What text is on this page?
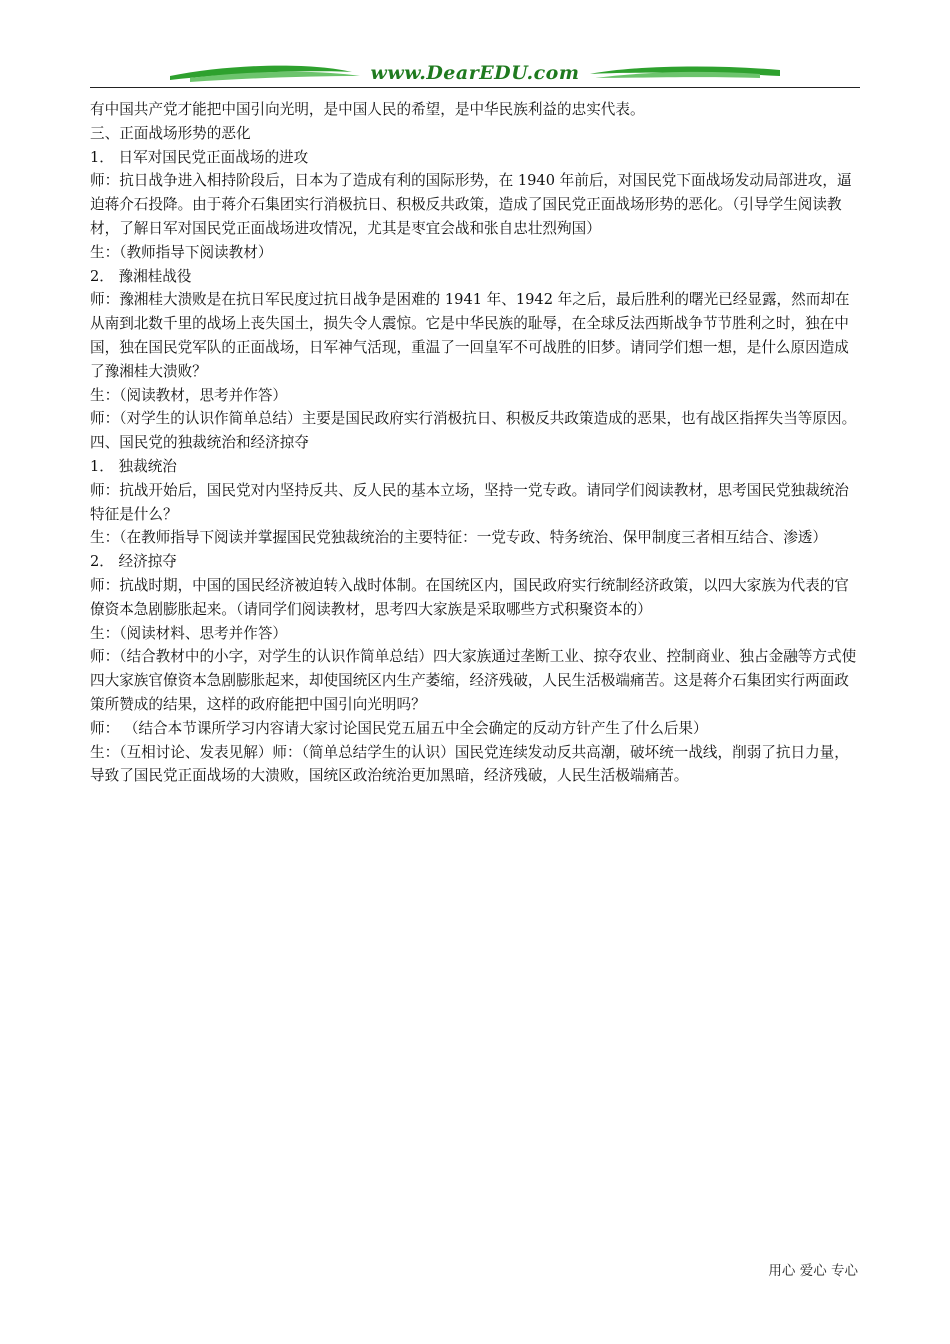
www.DearEDU.com

有中国共产党才能把中国引向光明，是中国人民的希望，是中华民族利益的忠实代表。

三、正面战场形势的恶化

1． 日军对国民党正面战场的进攻

师：抗日战争进入相持阶段后，日本为了造成有利的国际形势，在 1940 年前后，对国民党下面战场发动局部进攻，逼迫蒋介石投降。由于蒋介石集团实行消极抗日、积极反共政策，造成了国民党正面战场形势的恶化。（引导学生阅读教材，了解日军对国民党正面战场进攻情况，尤其是枣宜会战和张自忠壮烈殉国）

生：（教师指导下阅读教材）

2． 豫湘桂战役

师：豫湘桂大溃败是在抗日军民度过抗日战争是困难的 1941 年、1942 年之后，最后胜利的曙光已经显露，然而却在从南到北数千里的战场上丧失国土，损失令人震惊。它是中华民族的耻辱，在全球反法西斯战争节节胜利之时，独在中国，独在国民党军队的正面战场，日军神气活现，重温了一回皇军不可战胜的旧梦。请同学们想一想，是什么原因造成了豫湘桂大溃败？

生：（阅读教材，思考并作答）

师：（对学生的认识作简单总结）主要是国民政府实行消极抗日、积极反共政策造成的恶果，也有战区指挥失当等原因。

四、国民党的独裁统治和经济掠夺

1． 独裁统治

师：抗战开始后，国民党对内坚持反共、反人民的基本立场，坚持一党专政。请同学们阅读教材，思考国民党独裁统治特征是什么？

生：（在教师指导下阅读并掌握国民党独裁统治的主要特征：一党专政、特务统治、保甲制度三者相互结合、渗透）

2． 经济掠夺

师：抗战时期，中国的国民经济被迫转入战时体制。在国统区内，国民政府实行统制经济政策，以四大家族为代表的官僚资本急剧膨胀起来。（请同学们阅读教材，思考四大家族是采取哪些方式积聚资本的）

生：（阅读材料、思考并作答）

师：（结合教材中的小字，对学生的认识作简单总结）四大家族通过垄断工业、掠夺农业、控制商业、独占金融等方式使四大家族官僚资本急剧膨胀起来，却使国统区内生产萎缩，经济残破，人民生活极端痛苦。这是蒋介石集团实行两面政策所赞成的结果，这样的政府能把中国引向光明吗？

师： （结合本节课所学习内容请大家讨论国民党五届五中全会确定的反动方针产生了什么后果）

生：（互相讨论、发表见解）师：（简单总结学生的认识）国民党连续发动反共高潮，破坏统一战线，削弱了抗日力量，导致了国民党正面战场的大溃败，国统区政治统治更加黑暗，经济残破，人民生活极端痛苦。

用心 爱心 专心
